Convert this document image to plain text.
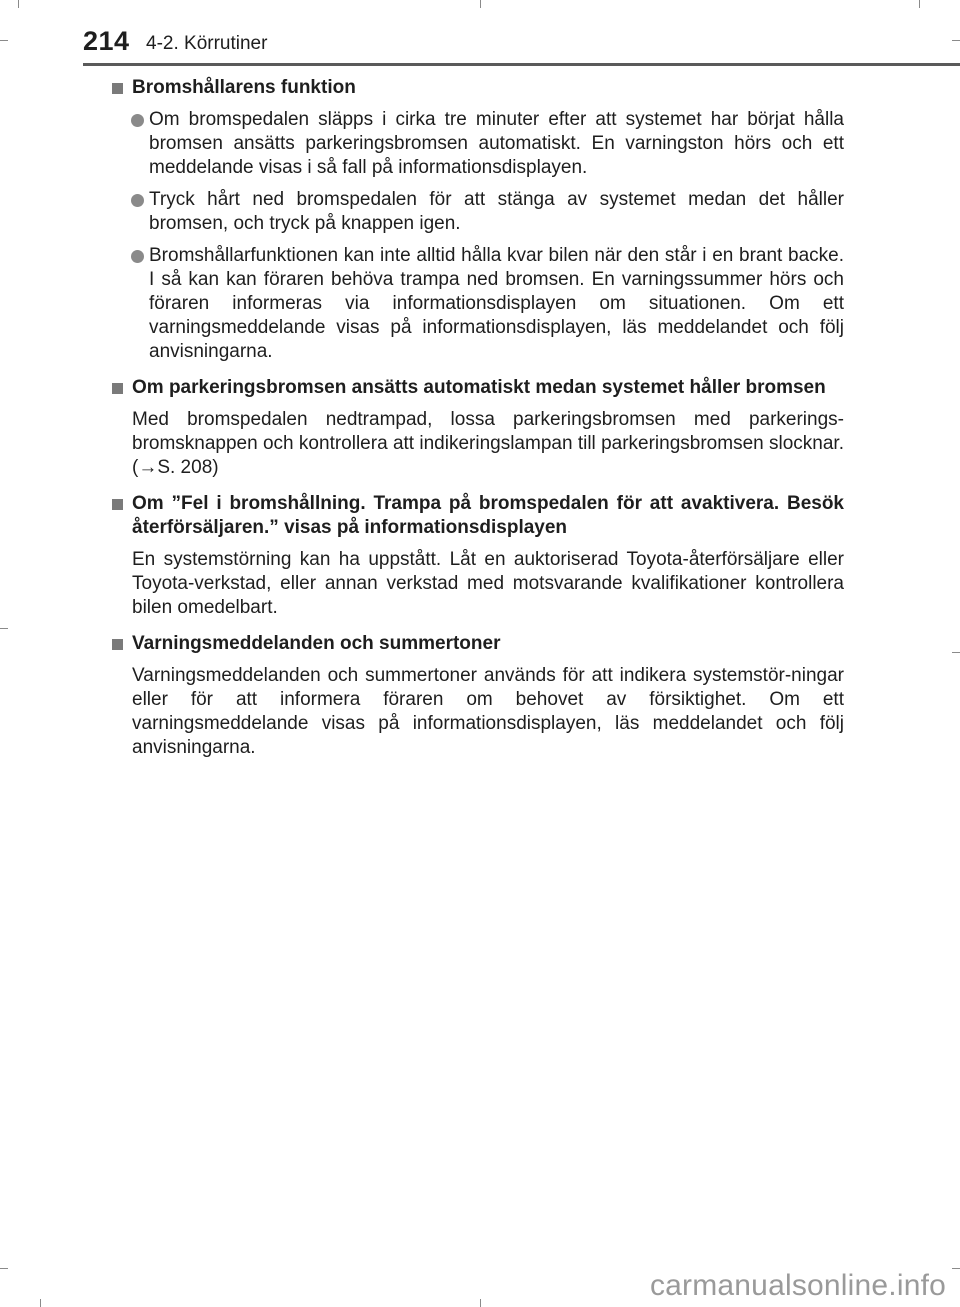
214 4-2. Körrutiner
Bromshållarens funktion
Om bromspedalen släpps i cirka tre minuter efter att systemet har börjat hålla bromsen ansätts parkeringsbromsen automatiskt. En varningston hörs och ett meddelande visas i så fall på informationsdisplayen.
Tryck hårt ned bromspedalen för att stänga av systemet medan det håller bromsen, och tryck på knappen igen.
Bromshållarfunktionen kan inte alltid hålla kvar bilen när den står i en brant backe. I så kan kan föraren behöva trampa ned bromsen. En varningssummer hörs och föraren informeras via informationsdisplayen om situationen. Om ett varningsmeddelande visas på informationsdisplayen, läs meddelandet och följ anvisningarna.
Om parkeringsbromsen ansätts automatiskt medan systemet håller bromsen
Med bromspedalen nedtrampad, lossa parkeringsbromsen med parkerings-bromsknappen och kontrollera att indikeringslampan till parkeringsbromsen slocknar. (→S. 208)
Om ”Fel i bromshållning. Trampa på bromspedalen för att avaktivera. Besök återförsäljaren.” visas på informationsdisplayen
En systemstörning kan ha uppstått. Låt en auktoriserad Toyota-återförsäljare eller Toyota-verkstad, eller annan verkstad med motsvarande kvalifikationer kontrollera bilen omedelbart.
Varningsmeddelanden och summertoner
Varningsmeddelanden och summertoner används för att indikera systemstör-ningar eller för att informera föraren om behovet av försiktighet. Om ett varningsmeddelande visas på informationsdisplayen, läs meddelandet och följ anvisningarna.
carmanualsonline.info
